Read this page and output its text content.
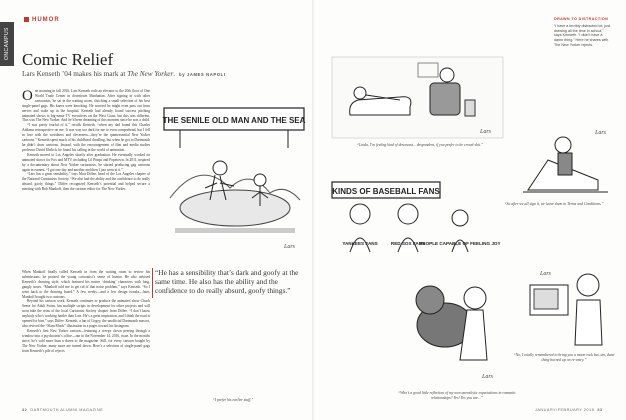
ONCAMPUS
HUMOR
Comic Relief
Lars Kenseth ’04 makes his mark at The New Yorker. by JAMES NAPOLI

One morning in fall 2016, Lars Kenseth rode an elevator to the 20th floor of One World Trade Center in downtown Manhattan. After signing in with other cartoonists, he sat in the waiting room, clutching a small selection of his best single-panel gags. His knees were knocking. He worried he might even pass out from nerves and wake up in the hospital. Kenseth had already found success pitching animated shows to big-name TV executives on the West Coast, but this was different. This was The New Yorker. And he’d been dreaming of this moment since he was a child.

“I was pretty fearful of it,” recalls Kenseth, “when my dad found this Charles Addams retrospective on me. It was way too dark for me to even comprehend, but I fell in love with the weirdness and cleverness—they’re the quintessential New Yorker cartoons.” Kenseth spent much of his childhood doodling, but when he got to Dartmouth he didn’t draw cartoons. Instead, with the encouragement of film and media studies professor David Ehrlich, he found his calling in the world of animation.

Kenseth moved to Los Angeles shortly after graduation. He eventually worked on animated shows for Fox and MTV, including Lil Pimps and Popetown. In 2011, inspired by a documentary about New Yorker cartoonists, he started producing gag cartoons again in earnest. “I got one day and another and then I just went at it.”

“Lars has a great sensibility,” says Matt Diffee, head of the Los Angeles chapter of the National Cartoonists Society. “We also had the ability and the confidence to do really absurd, goofy things.” Diffee recognized Kenseth’s potential and helped secure a meeting with Bob Mankoff, then the cartoon editor for The New Yorker.

When Mankoff finally called Kenseth in from the waiting room to review his submissions, he praised the young cartoonist’s sense of humor. He also advised Kenseth’s drawing style, which featured his native ‘drinking’ characters with long, gangly noses. “Mankoff told me to get rid of that noise problem,” says Kenseth. “So I went back to the drawing board.” A few weeks—and a few design tweaks—later, Mankoff bought two cartoons.

Beyond his cartoon work, Kenseth continues to produce the animated show Chuck Sense for Adult Swim, has multiple scripts in development for other projects and will soon take the reins of the local Cartoonist Society chapter from Diffee. “I don’t know anybody who’s working harder than Lars. He’s a great inspiration, and I think the road is opened for him,” says Diffee. Kenseth, a fan of Gogey, the unofficial Dartmouth mascot, also revived the “Slam Mook” illustration in a pages toward his Instagram.

Kenseth’s first New Yorker cartoon—featuring a creepy clown peering through a window into a psychiatrist’s office—ran in the November 14, 2016, issue. In the months since, he’s sold more than a dozen to the magazine. Still, for every cartoon bought by The New Yorker, many more are turned down. Here’s a selection of single-panel gags from Kenseth’s pile of rejects.

“He has a sensibility that’s dark and goofy at the same time. He also has the ability and the confidence to do really absurd, goofy things.”
THE SENILE OLD MAN AND THE SEA
Lars
“I prefer his earlier stuff.”
Lars
“Linda, I’m feeling kind of downcast... despondent, if you prefer to be crowd-shit.”
Lars
“So after we all sign it, we leave them in Terms and Conditions.”
KINDS OF BASEBALL FANS
YANKEES FANS	RED SOX FANS
PEOPLE CAPABLE OF FEELING JOY
Lars
“Who’s a good little reflection of my own unrealistic expectations in romantic relationships? Yes! Yes you are...”
Lars
“No, I totally remembered to bring you a moon rock but, um, dune thing burned up on re-entry.”
DRAWN TO DISTRACTION
“I have a terribly distracted lot, just drawing all the time in school,” says Kenseth. “I didn’t have a damn thing.” Here he shares with The New Yorker rejects.
32 DARTMOUTH ALUMNI MAGAZINE	JANUARY/FEBRUARY 2018 33
